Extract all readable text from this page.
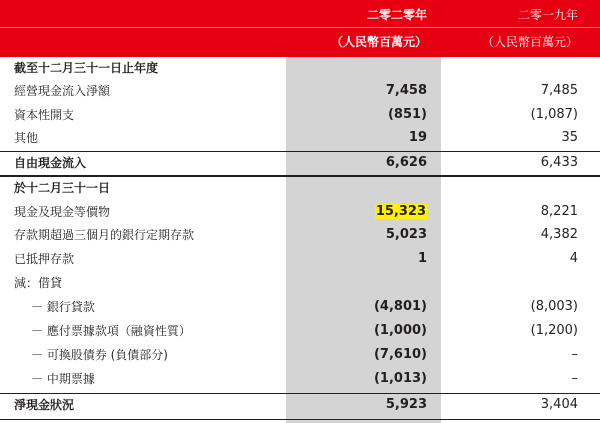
二零二零年	二零一九年
（人民幣百萬元）	（人民幣百萬元）
截至十二月三十一日止年度
經營現金流入淨額	7,458	7,485
資本性開支	(851)	(1,087)
其他	19	35
自由現金流入	6,626	6,433
於十二月三十一日
現金及現金等價物	15,323	8,221
存款期超過三個月的銀行定期存款	5,023	4,382
已抵押存款	1	4
減：借貸
－ 銀行貸款	(4,801)	(8,003)
－ 應付票據款項（融資性質）	(1,000)	(1,200)
－ 可換股債券 (負債部分)	(7,610)	–
－ 中期票據	(1,013)	–
淨現金狀況	5,923	3,404
